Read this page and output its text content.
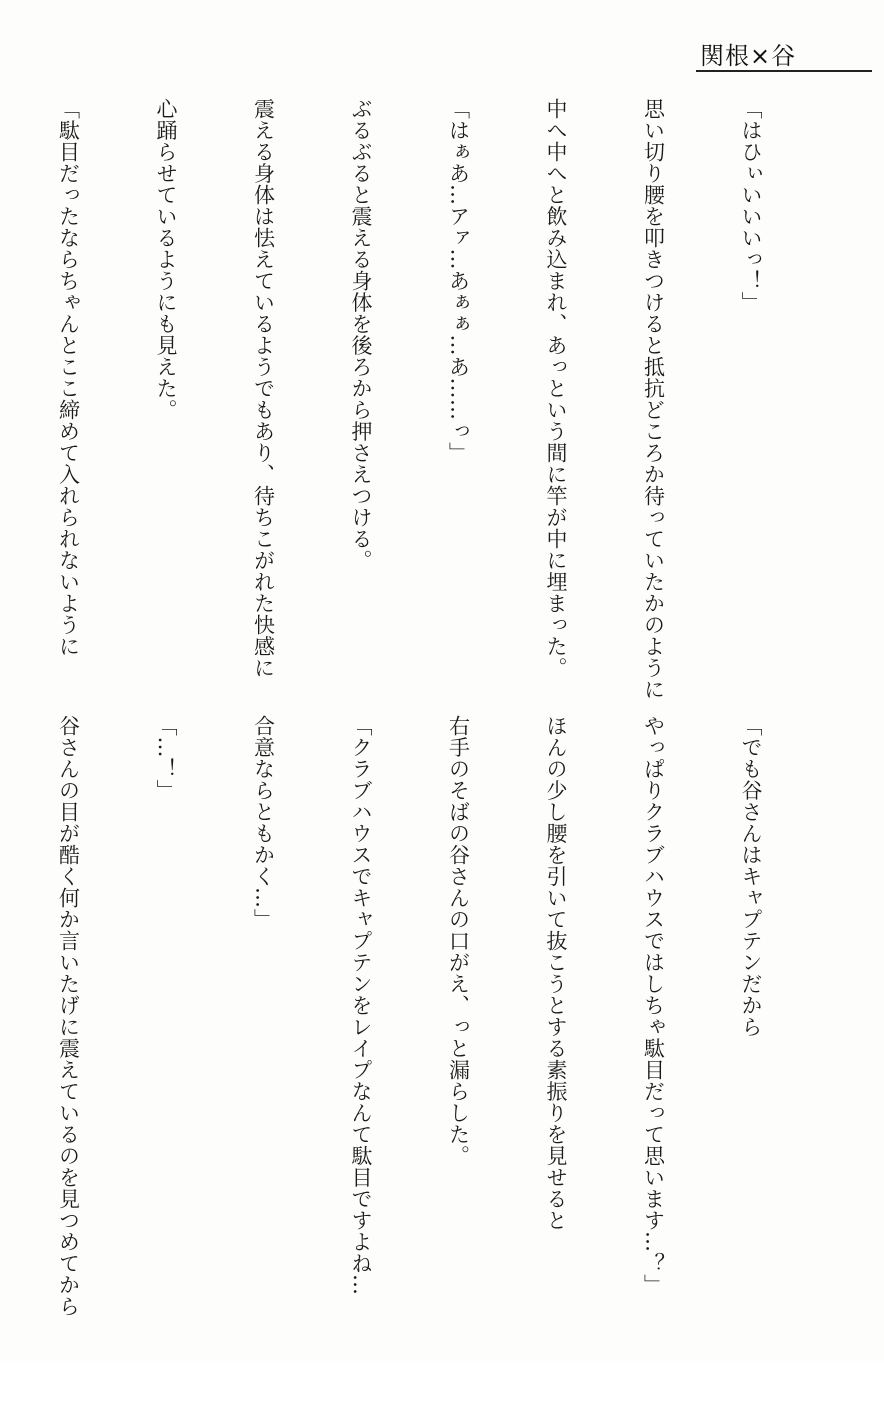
関根×谷

「はひぃいいいっ！」

思い切り腰を叩きつけると抵抗どころか待っていたかのように

中へ中へと飲み込まれ、あっという間に竿が中に埋まった。

「はぁあ…アァ…あぁぁ…あ……っ」

ぶるぶると震える身体を後ろから押さえつける。

震える身体は怯えているようでもあり、待ちこがれた快感に

心踊らせているようにも見えた。

「駄目だったならちゃんとここ締めて入れられないように

「でも谷さんはキャプテンだから

やっぱりクラブハウスではしちゃ駄目だって思います…？」

ほんの少し腰を引いて抜こうとする素振りを見せると

右手のそばの谷さんの口がえ、っと漏らした。

「クラブハウスでキャプテンをレイプなんて駄目ですよね…

合意ならともかく…」

「…！」

谷さんの目が酷く何か言いたげに震えているのを見つめてから
